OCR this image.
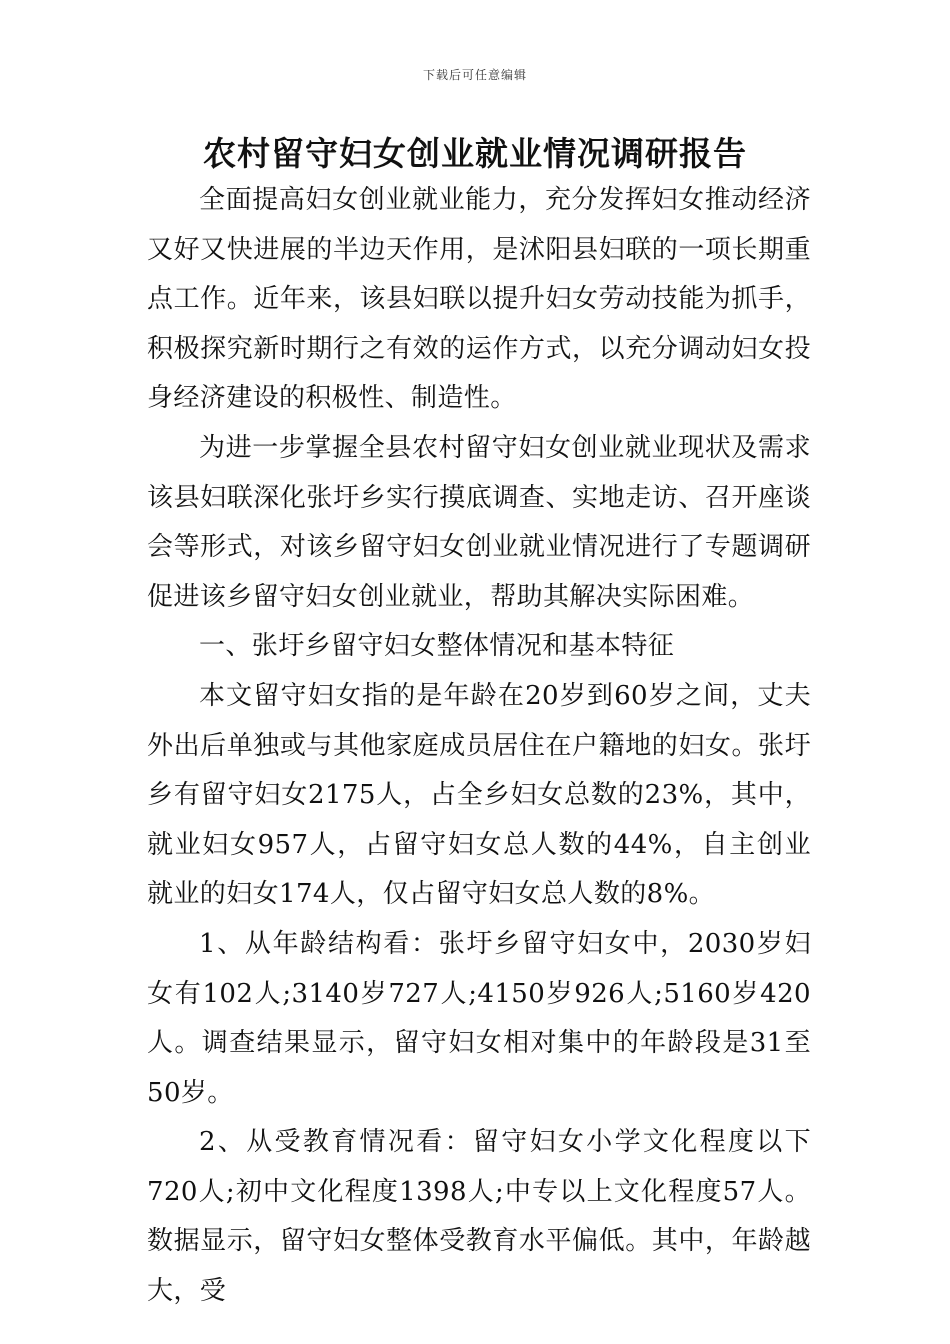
下载后可任意编辑
农村留守妇女创业就业情况调研报告

全面提高妇女创业就业能力，充分发挥妇女推动经济又好又快进展的半边天作用，是沭阳县妇联的一项长期重点工作。近年来，该县妇联以提升妇女劳动技能为抓手，积极探究新时期行之有效的运作方式，以充分调动妇女投身经济建设的积极性、制造性。

为进一步掌握全县农村留守妇女创业就业现状及需求该县妇联深化张圩乡实行摸底调查、实地走访、召开座谈会等形式，对该乡留守妇女创业就业情况进行了专题调研促进该乡留守妇女创业就业，帮助其解决实际困难。

一、张圩乡留守妇女整体情况和基本特征

本文留守妇女指的是年龄在20岁到60岁之间，丈夫外出后单独或与其他家庭成员居住在户籍地的妇女。张圩乡有留守妇女2175人，占全乡妇女总数的23%，其中，就业妇女957人，占留守妇女总人数的44%，自主创业就业的妇女174人，仅占留守妇女总人数的8%。

1、从年龄结构看：张圩乡留守妇女中，2030岁妇女有102人;3140岁727人;4150岁926人;5160岁420人。调查结果显示，留守妇女相对集中的年龄段是31至50岁。

2、从受教育情况看：留守妇女小学文化程度以下720人;初中文化程度1398人;中专以上文化程度57人。数据显示，留守妇女整体受教育水平偏低。其中，年龄越大，受
